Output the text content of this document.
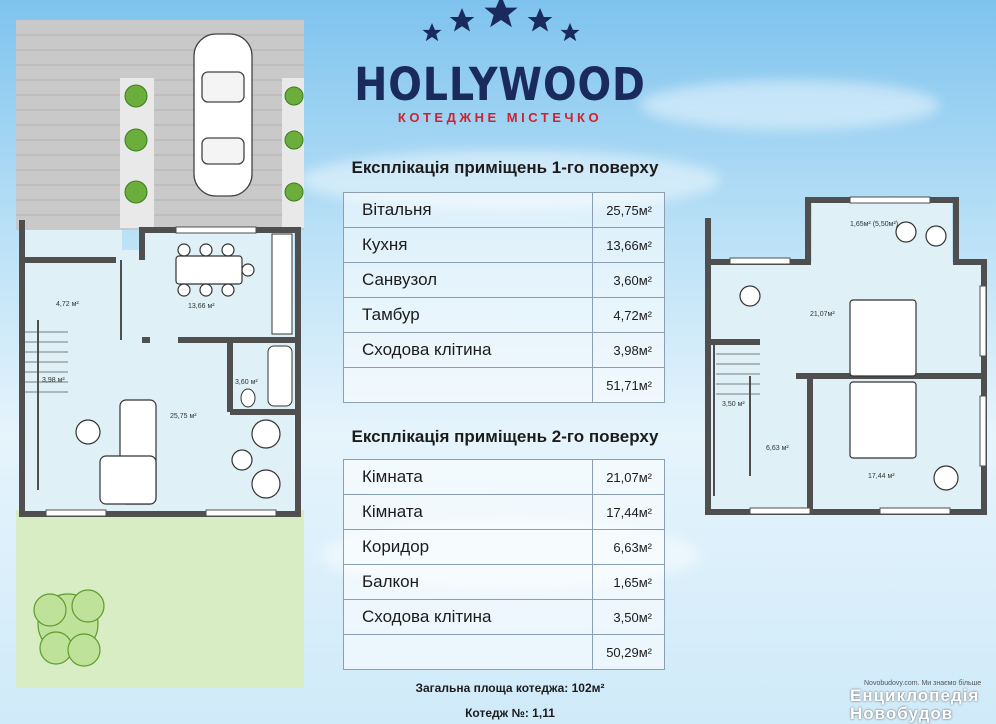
HOLLYWOOD
КОТЕДЖНЕ МІСТЕЧКО
Експлікація приміщень 1-го поверху
Вітальня	25,75м²
Кухня	13,66м²
Санвузол	3,60м²
Тамбур	4,72м²
Сходова клітина	3,98м²
	51,71м²
Експлікація приміщень 2-го поверху
Кімната	21,07м²
Кімната	17,44м²
Коридор	6,63м²
Балкон	1,65м²
Сходова клітина	3,50м²
	50,29м²
Загальна площа котеджа: 102м²
Котедж №: 1,11
4,72 м²	13,66 м²
3,98 м²	3,60 м²
25,75 м²
1,65м² (5,50м²)
21,07м²
3,50 м²
6,63 м²
17,44 м²
Novobudovy.com. Ми знаємо більше
Енциклопедія
Новобудов
